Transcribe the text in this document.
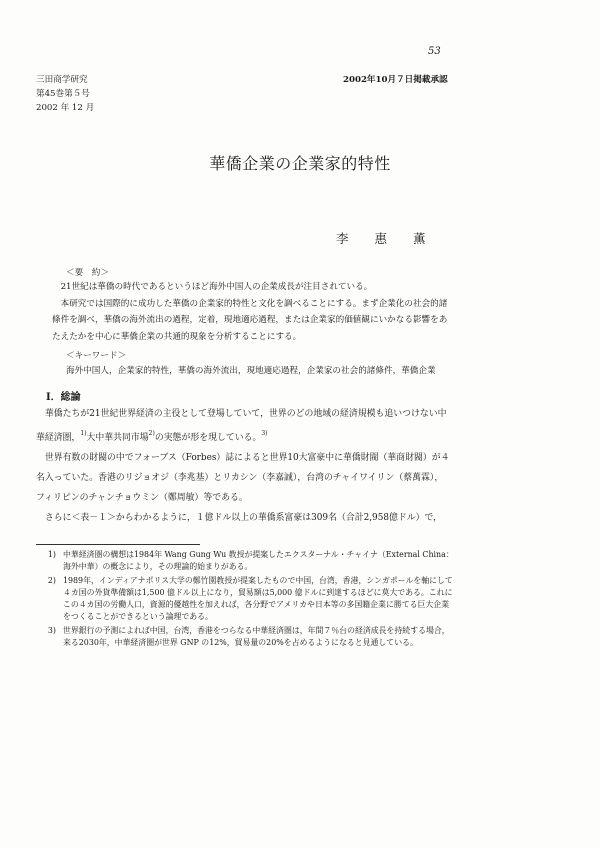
53
三田商学研究
第45巻第５号
2002 年 12 月
2002年10月７日掲載承認
華僑企業の企業家的特性
李 惠 薫
＜要　約＞

21世紀は華僑の時代であるというほど海外中国人の企業成長が注目されている。

本研究では国際的に成功した華僑の企業家的特性と文化を調べることにする。まず企業化の社会的諸條件を調べ，華僑の海外流出の過程，定着，現地適応過程，または企業家的価値観にいかなる影響をあたえたかを中心に華僑企業の共通的現象を分析することにする。

＜キーワード＞
海外中国人，企業家的特性，華僑の海外流出，現地適応過程，企業家の社会的諸條件，華僑企業
Ⅰ．総論

華僑たちが21世紀世界経済の主役として登場していて，世界のどの地域の経済規模も追いつけない中華経済圏，$^{1)}$大中華共同市場$^{2)}$の実態が形を現している。$^{3)}$

世界有数の財閥の中でフォーブス（Forbes）誌によると世界10大富豪中に華僑財閥（華商財閥）が４名入っていた。香港のリジョオジ（李兆基）とリカシン（李嘉誠），台湾のチャイワイリン（蔡萬霖），フィリピンのチャンチョウミン（鄭周敏）等である。

さらに＜表－１＞からわかるように，１億ドル以上の華僑系富豪は309名（合計2,958億ドル）で，

1) 中華経済圏の構想は1984年 Wang Gung Wu 教授が提案したエクスターナル・チャイナ（External China：海外中華）の概念により，その理論的始まりがある。
2) 1989年，インディアナポリス大学の鄭竹園教授が提案したもので中国，台湾，香港，シンガポールを軸にして４カ国の外貨準備額は1,500 億ドル以上になり，貿易額は5,000 億ドルに到達するほどに莫大である。これにこの４カ国の労働人口，資源的優越性を加えれば，各分野でアメリカや日本等の多国籍企業に勝てる巨大企業をつくることができるという論理である。
3) 世界銀行の予測によれば中国，台湾，香港をつらなる中華経済圏は，年間７％台の経済成長を持続する場合，来る2030年，中華経済圏が世界 GNP の12%，貿易量の20%を占めるようになると見通している。
